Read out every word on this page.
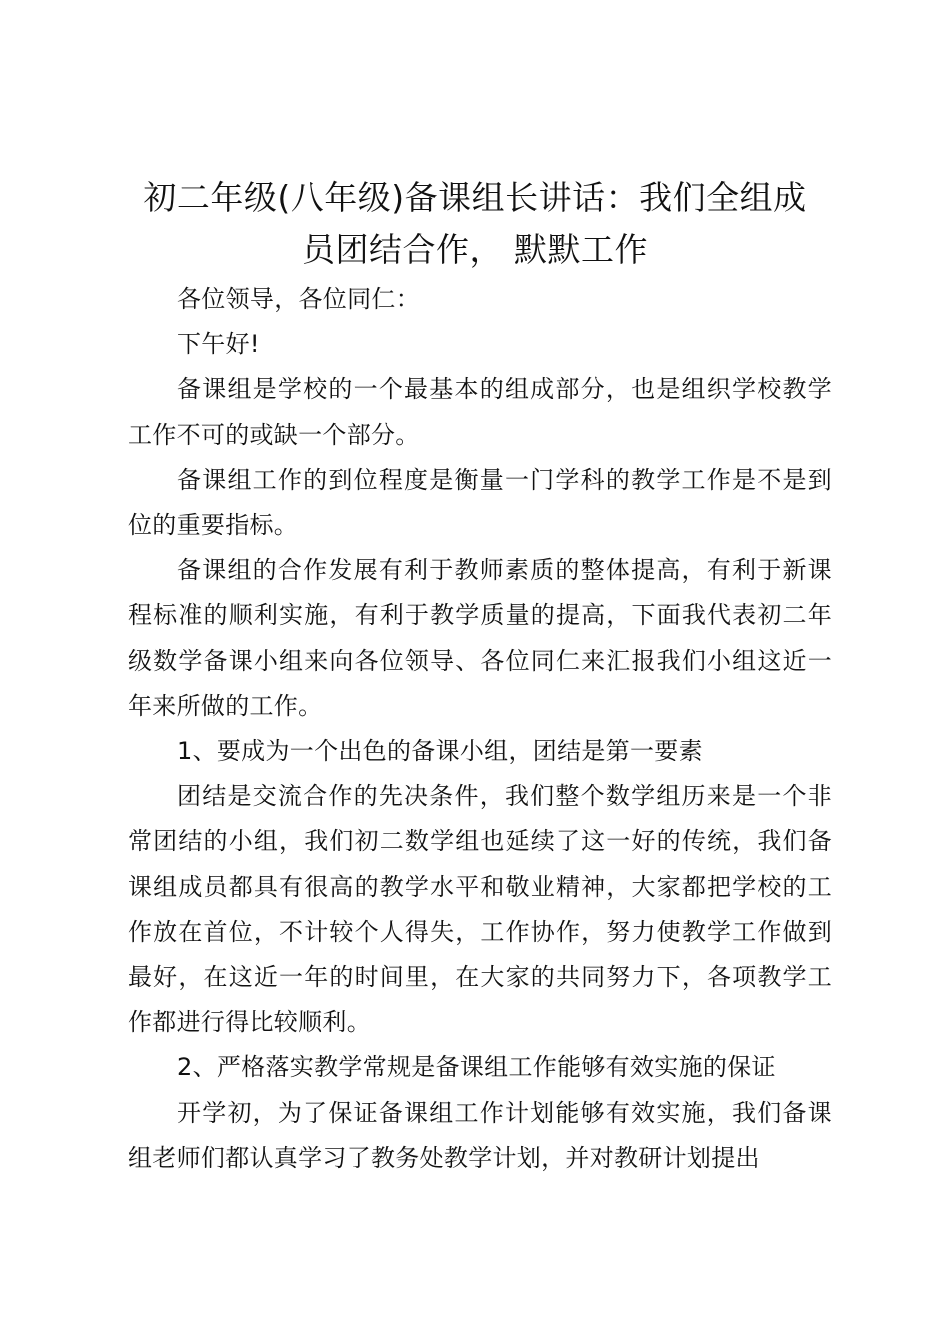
初二年级(八年级)备课组长讲话：我们全组成
员团结合作， 默默工作

各位领导，各位同仁：

下午好!

备课组是学校的一个最基本的组成部分，也是组织学校教学工作不可的或缺一个部分。

备课组工作的到位程度是衡量一门学科的教学工作是不是到位的重要指标。

备课组的合作发展有利于教师素质的整体提高，有利于新课程标准的顺利实施，有利于教学质量的提高，下面我代表初二年级数学备课小组来向各位领导、各位同仁来汇报我们小组这近一年来所做的工作。

1、要成为一个出色的备课小组，团结是第一要素

团结是交流合作的先决条件，我们整个数学组历来是一个非常团结的小组，我们初二数学组也延续了这一好的传统，我们备课组成员都具有很高的教学水平和敬业精神，大家都把学校的工作放在首位，不计较个人得失，工作协作，努力使教学工作做到最好，在这近一年的时间里，在大家的共同努力下，各项教学工作都进行得比较顺利。

2、严格落实教学常规是备课组工作能够有效实施的保证

开学初，为了保证备课组工作计划能够有效实施，我们备课组老师们都认真学习了教务处教学计划，并对教研计划提出
